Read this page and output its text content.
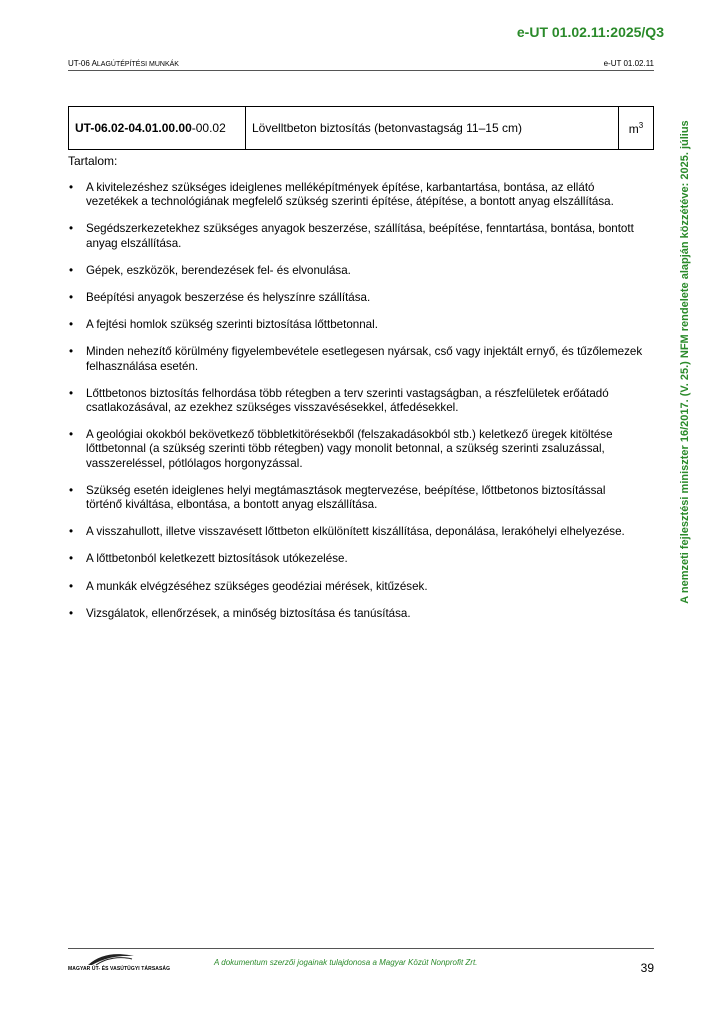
e-UT 01.02.11:2025/Q3
UT-06 ALAGÚTÉPÍTÉSI MUNKÁK	e-UT 01.02.11
UT-06.02-04.01.00.00-00.02	Lövelltbeton biztosítás (betonvastagság 11–15 cm)	$m^3$
Tartalom:
• A kivitelezéshez szükséges ideiglenes melléképítmények építése, karbantartása, bontása, az ellátó vezetékek a technológiának megfelelő szükség szerinti építése, átépítése, a bontott anyag elszállítása.
• Segédszerkezetekhez szükséges anyagok beszerzése, szállítása, beépítése, fenntartása, bontása, bontott anyag elszállítása.
• Gépek, eszközök, berendezések fel- és elvonulása.
• Beépítési anyagok beszerzése és helyszínre szállítása.
• A fejtési homlok szükség szerinti biztosítása lőttbetonnal.
• Minden nehezítő körülmény figyelembevétele esetlegesen nyársak, cső vagy injektált ernyő, és tűzőlemezek felhasználása esetén.
• Lőttbetonos biztosítás felhordása több rétegben a terv szerinti vastagságban, a részfelületek erőátadó csatlakozásával, az ezekhez szükséges visszavésésekkel, átfedésekkel.
• A geológiai okokból bekövetkező többletkitörésekből (felszakadásokból stb.) keletkező üregek kitöltése lőttbetonnal (a szükség szerinti több rétegben) vagy monolit betonnal, a szükség szerinti zsaluzással, vasszereléssel, pótlólagos horgonyzással.
• Szükség esetén ideiglenes helyi megtámasztások megtervezése, beépítése, lőttbetonos biztosítással történő kiváltása, elbontása, a bontott anyag elszállítása.
• A visszahullott, illetve visszavésett lőttbeton elkülönített kiszállítása, deponálása, lerakóhelyi elhelyezése.
• A lőttbetonból keletkezett biztosítások utókezelése.
• A munkák elvégzéséhez szükséges geodéziai mérések, kitűzések.
• Vizsgálatok, ellenőrzések, a minőség biztosítása és tanúsítása.
A nemzeti fejlesztési miniszter 16/2017. (V. 25.) NFM rendelete alapján közzétéve: 2025. július
MAGYAR ÚT- ÉS VASÚTÜGYI TÁRSASÁG
A dokumentum szerzői jogainak tulajdonosa a Magyar Közút Nonprofit Zrt.	39
